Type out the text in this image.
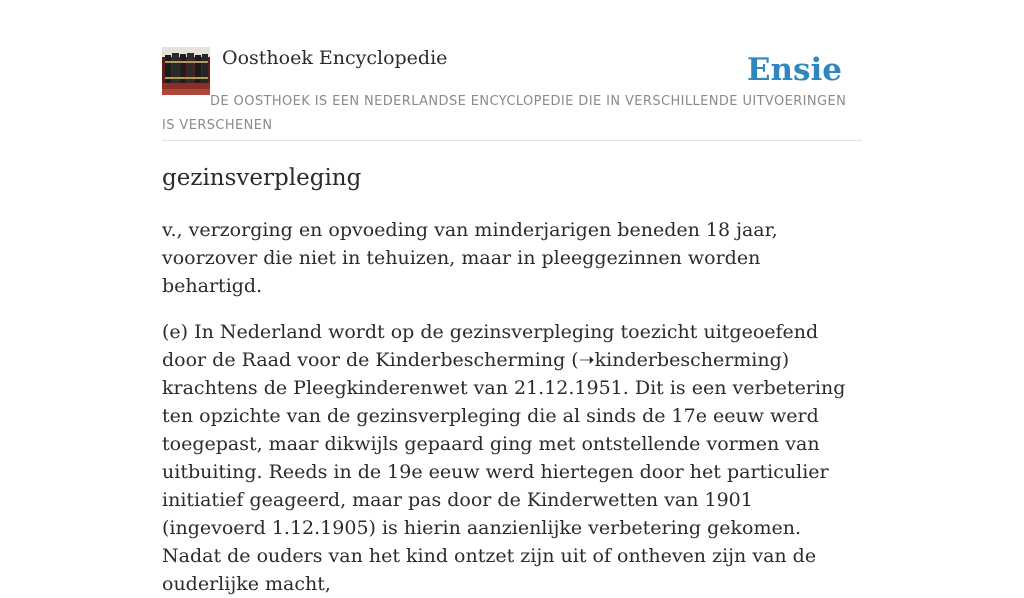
Oosthoek Encyclopedie	Ensie
DE OOSTHOEK IS EEN NEDERLANDSE ENCYCLOPEDIE DIE IN VERSCHILLENDE UITVOERINGEN IS VERSCHENEN
gezinsverpleging

v., verzorging en opvoeding van minderjarigen beneden 18 jaar, voorzover die niet in tehuizen, maar in pleeggezinnen worden behartigd.

(e) In Nederland wordt op de gezinsverpleging toezicht uitgeoefend door de Raad voor de Kinderbescherming (➝kinderbescherming) krachtens de Pleegkinderenwet van 21.12.1951. Dit is een verbetering ten opzichte van de gezinsverpleging die al sinds de 17e eeuw werd toegepast, maar dikwijls gepaard ging met ontstellende vormen van uitbuiting. Reeds in de 19e eeuw werd hiertegen door het particulier initiatief geageerd, maar pas door de Kinderwetten van 1901 (ingevoerd 1.12.1905) is hierin aanzienlijke verbetering gekomen. Nadat de ouders van het kind ontzet zijn uit of ontheven zijn van de ouderlijke macht,
